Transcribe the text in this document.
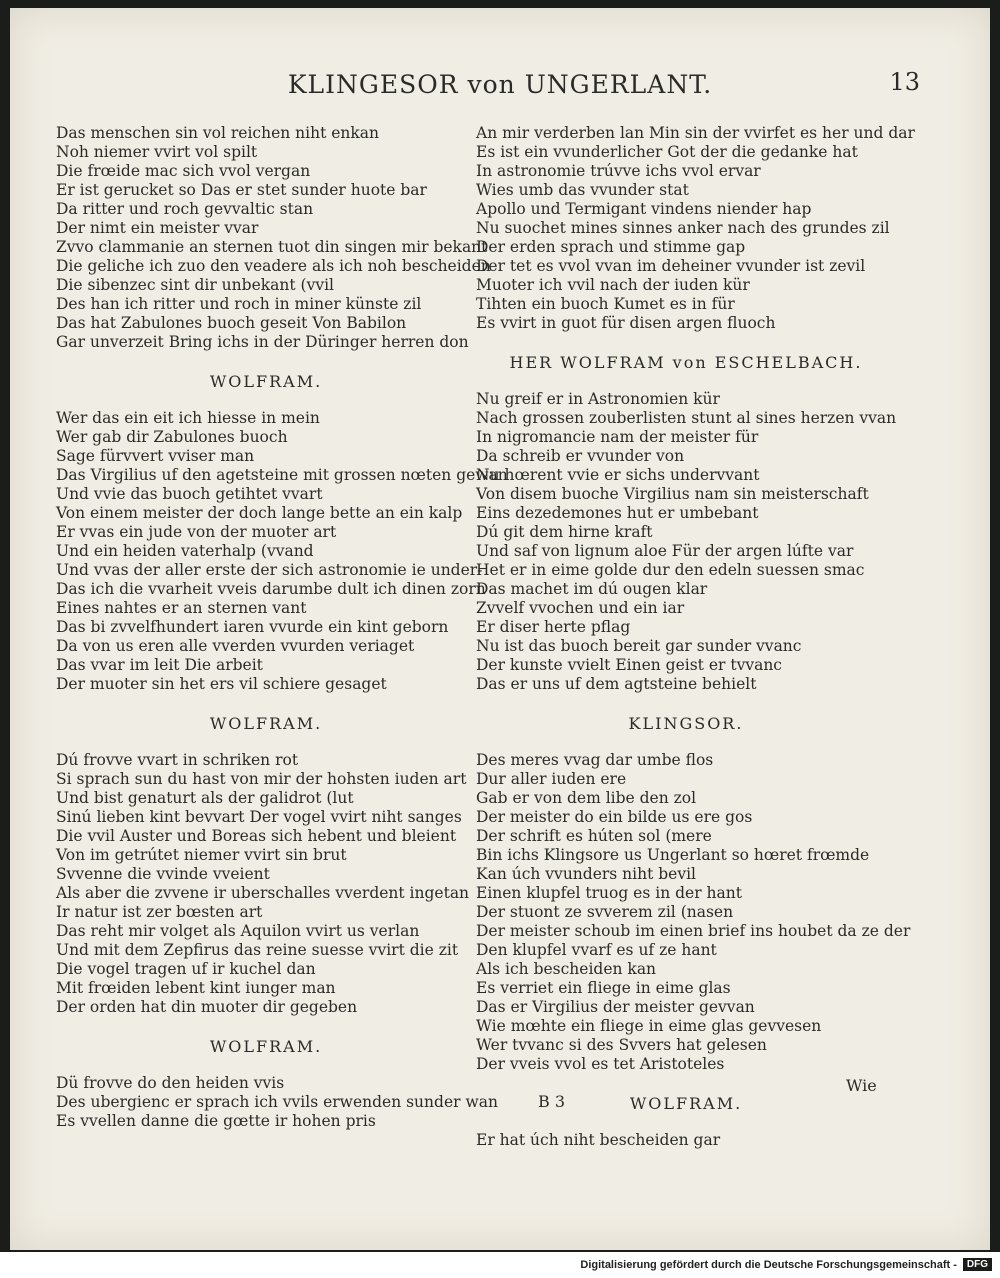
KLINGESOR von UNGERLANT.	13
Das menschen sin vol reichen niht enkan
Noh niemer vvirt vol spilt
Die frœide mac sich vvol vergan
Er ist gerucket so Das er stet sunder huote bar
Da ritter und roch gevvaltic stan
Der nimt ein meister vvar
Zvvo clammanie an sternen tuot din singen mir bekant
Die geliche ich zuo den veadere als ich noh bescheiden
Die sibenzec sint dir unbekant (vvil
Des han ich ritter und roch in miner künste zil
Das hat Zabulones buoch geseit Von Babilon
Gar unverzeit Bring ichs in der Düringer herren don
WOLFRAM.
Wer das ein eit ich hiesse in mein
Wer gab dir Zabulones buoch
Sage fürvvert vviser man
Das Virgilius uf den agetsteine mit grossen nœten gewan
Und vvie das buoch getihtet vvart
Von einem meister der doch lange bette an ein kalp
Er vvas ein jude von der muoter art
Und ein heiden vaterhalp (vvand
Und vvas der aller erste der sich astronomie ie under-
Das ich die vvarheit vveis darumbe dult ich dinen zorn
Eines nahtes er an sternen vant
Das bi zvvelfhundert iaren vvurde ein kint geborn
Da von us eren alle vverden vvurden veriaget
Das vvar im leit Die arbeit
Der muoter sin het ers vil schiere gesaget
WOLFRAM.
Dú frovve vvart in schriken rot
Si sprach sun du hast von mir der hohsten iuden art
Und bist genaturt als der galidrot (lut
Sinú lieben kint bevvart Der vogel vvirt niht sanges
Die vvil Auster und Boreas sich hebent und bleient
Von im getrútet niemer vvirt sin brut
Svvenne die vvinde vveient
Als aber die zvvene ir uberschalles vverdent ingetan
Ir natur ist zer bœsten art
Das reht mir volget als Aquilon vvirt us verlan
Und mit dem Zepfirus das reine suesse vvirt die zit
Die vogel tragen uf ir kuchel dan
Mit frœiden lebent kint iunger man
Der orden hat din muoter dir gegeben
WOLFRAM.
Dü frovve do den heiden vvis
Des ubergienc er sprach ich vvils erwenden sunder wan
Es vvellen danne die gœtte ir hohen pris
An mir verderben lan Min sin der vvirfet es her und dar
Es ist ein vvunderlicher Got der die gedanke hat
In astronomie trúvve ichs vvol ervar
Wies umb das vvunder stat
Apollo und Termigant vindens niender hap
Nu suochet mines sinnes anker nach des grundes zil
Der erden sprach und stimme gap
Der tet es vvol vvan im deheiner vvunder ist zevil
Muoter ich vvil nach der iuden kür
Tihten ein buoch Kumet es in für
Es vvirt in guot für disen argen fluoch
HER WOLFRAM von ESCHELBACH.
Nu greif er in Astronomien kür
Nach grossen zouberlisten stunt al sines herzen vvan
In nigromancie nam der meister für
Da schreib er vvunder von
Nu hœrent vvie er sichs undervvant
Von disem buoche Virgilius nam sin meisterschaft
Eins dezedemones hut er umbebant
Dú git dem hirne kraft
Und saf von lignum aloe Für der argen lúfte var
Het er in eime golde dur den edeln suessen smac
Das machet im dú ougen klar
Zvvelf vvochen und ein iar
Er diser herte pflag
Nu ist das buoch bereit gar sunder vvanc
Der kunste vvielt Einen geist er tvvanc
Das er uns uf dem agtsteine behielt
KLINGSOR.
Des meres vvag dar umbe flos
Dur aller iuden ere
Gab er von dem libe den zol
Der meister do ein bilde us ere gos
Der schrift es húten sol (mere
Bin ichs Klingsore us Ungerlant so hœret frœmde
Kan úch vvunders niht bevil
Einen klupfel truog es in der hant
Der stuont ze svverem zil (nasen
Der meister schoub im einen brief ins houbet da ze der
Den klupfel vvarf es uf ze hant
Als ich bescheiden kan
Es verriet ein fliege in eime glas
Das er Virgilius der meister gevvan
Wie mœhte ein fliege in eime glas gevvesen
Wer tvvanc si des Svvers hat gelesen
Der vveis vvol es tet Aristoteles
WOLFRAM.
Er hat úch niht bescheiden gar
Wie
B 3
Digitalisierung gefördert durch die Deutsche Forschungsgemeinschaft -	DFG
